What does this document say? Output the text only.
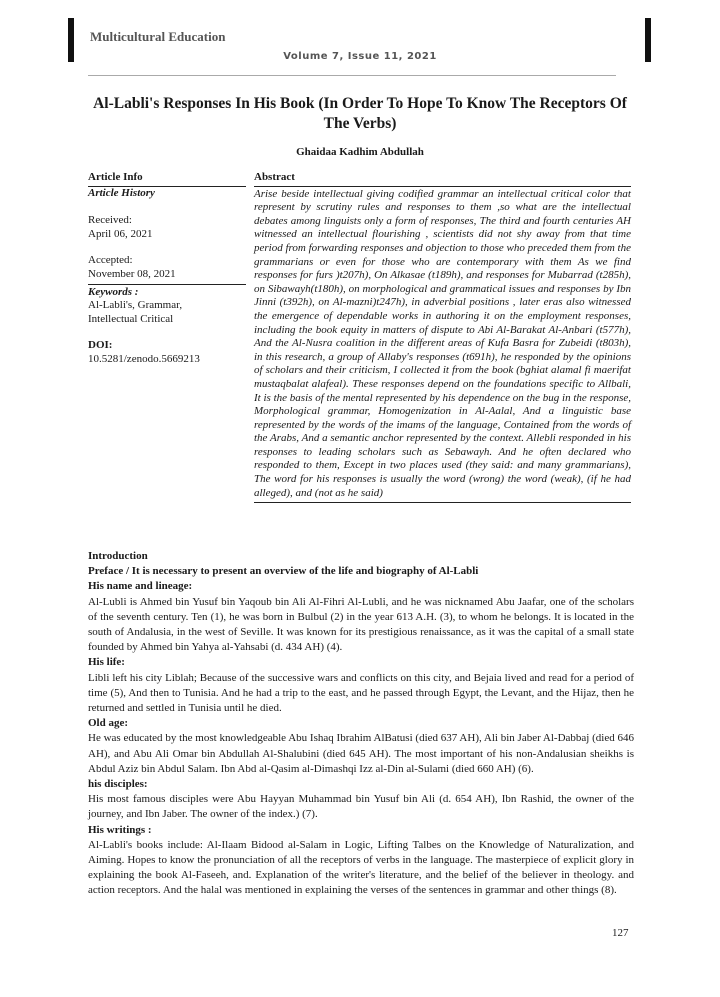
Multicultural Education
Volume 7, Issue 11, 2021
Al-Labli's Responses In His Book (In Order To Hope To Know The Receptors Of The Verbs)
Ghaidaa Kadhim Abdullah
Article Info
Article History
Received:
April 06, 2021
Accepted:
November 08, 2021
Keywords :
Al-Labli's, Grammar,
Intellectual Critical
DOI:
10.5281/zenodo.5669213
Abstract
Arise beside intellectual giving codified grammar an intellectual critical color that represent by scrutiny rules and responses to them ,so what are the intellectual debates among linguists only a form of responses, The third and fourth centuries AH witnessed an intellectual flourishing , scientists did not shy away from that time period from forwarding responses and objection to those who preceded them from the grammarians or even for those who are contemporary with them As we find responses for furs )t207h), On Alkasae (t189h), and responses for Mubarrad (t285h), on Sibawayh(t180h), on morphological and grammatical issues and responses by Ibn Jinni (t392h), on Al-mazni)t247h), in adverbial positions , later eras also witnessed the emergence of dependable works in authoring it on the employment responses, including the book equity in matters of dispute to Abi Al-Barakat Al-Anbari (t577h), And the Al-Nusra coalition in the different areas of Kufa Basra for Zubeidi (t803h), in this research, a group of Allaby's responses (t691h), he responded by the opinions of scholars and their criticism, I collected it from the book (bghiat alamal fi maerifat mustaqbalat alafeal). These responses depend on the foundations specific to Allbali, It is the basis of the mental represented by his dependence on the bug in the response, Morphological grammar, Homogenization in Al-Aalal, And a linguistic base represented by the words of the imams of the language, Contained from the words of the Arabs, And a semantic anchor represented by the context. Allebli responded in his responses to leading scholars such as Sebawayh. And he often declared who responded to them, Except in two places used (they said: and many grammarians), The word for his responses is usually the word (wrong) the word (weak), (if he had alleged), and (not as he said)
Introduction
Preface / It is necessary to present an overview of the life and biography of Al-Labli
His name and lineage:

Al-Lubli is Ahmed bin Yusuf bin Yaqoub bin Ali Al-Fihri Al-Lubli, and he was nicknamed Abu Jaafar, one of the scholars of the seventh century. Ten (1), he was born in Bulbul (2) in the year 613 A.H. (3), to whom he belongs. It is located in the south of Andalusia, in the west of Seville. It was known for its prestigious renaissance, as it was the capital of a small state founded by Ahmed bin Yahya al-Yahsabi (d. 434 AH) (4).

His life:

Libli left his city Liblah; Because of the successive wars and conflicts on this city, and Bejaia lived and read for a period of time (5), And then to Tunisia. And he had a trip to the east, and he passed through Egypt, the Levant, and the Hijaz, then he returned and settled in Tunisia until he died.

Old age:

He was educated by the most knowledgeable Abu Ishaq Ibrahim AlBatusi (died 637 AH), Ali bin Jaber Al-Dabbaj (died 646 AH), and Abu Ali Omar bin Abdullah Al-Shalubini (died 645 AH). The most important of his non-Andalusian sheikhs is Abdul Aziz bin Abdul Salam. Ibn Abd al-Qasim al-Dimashqi Izz al-Din al-Sulami (died 660 AH) (6).

his disciples:

His most famous disciples were Abu Hayyan Muhammad bin Yusuf bin Ali (d. 654 AH), Ibn Rashid, the owner of the journey, and Ibn Jaber. The owner of the index.) (7).

His writings :

Al-Labli's books include: Al-Ilaam Bidood al-Salam in Logic, Lifting Talbes on the Knowledge of Naturalization, and Aiming. Hopes to know the pronunciation of all the receptors of verbs in the language. The masterpiece of explicit glory in explaining the book Al-Faseeh, and. Explanation of the writer's literature, and the belief of the believer in theology. and action receptors. And the halal was mentioned in explaining the verses of the sentences in grammar and other things (8).

127
